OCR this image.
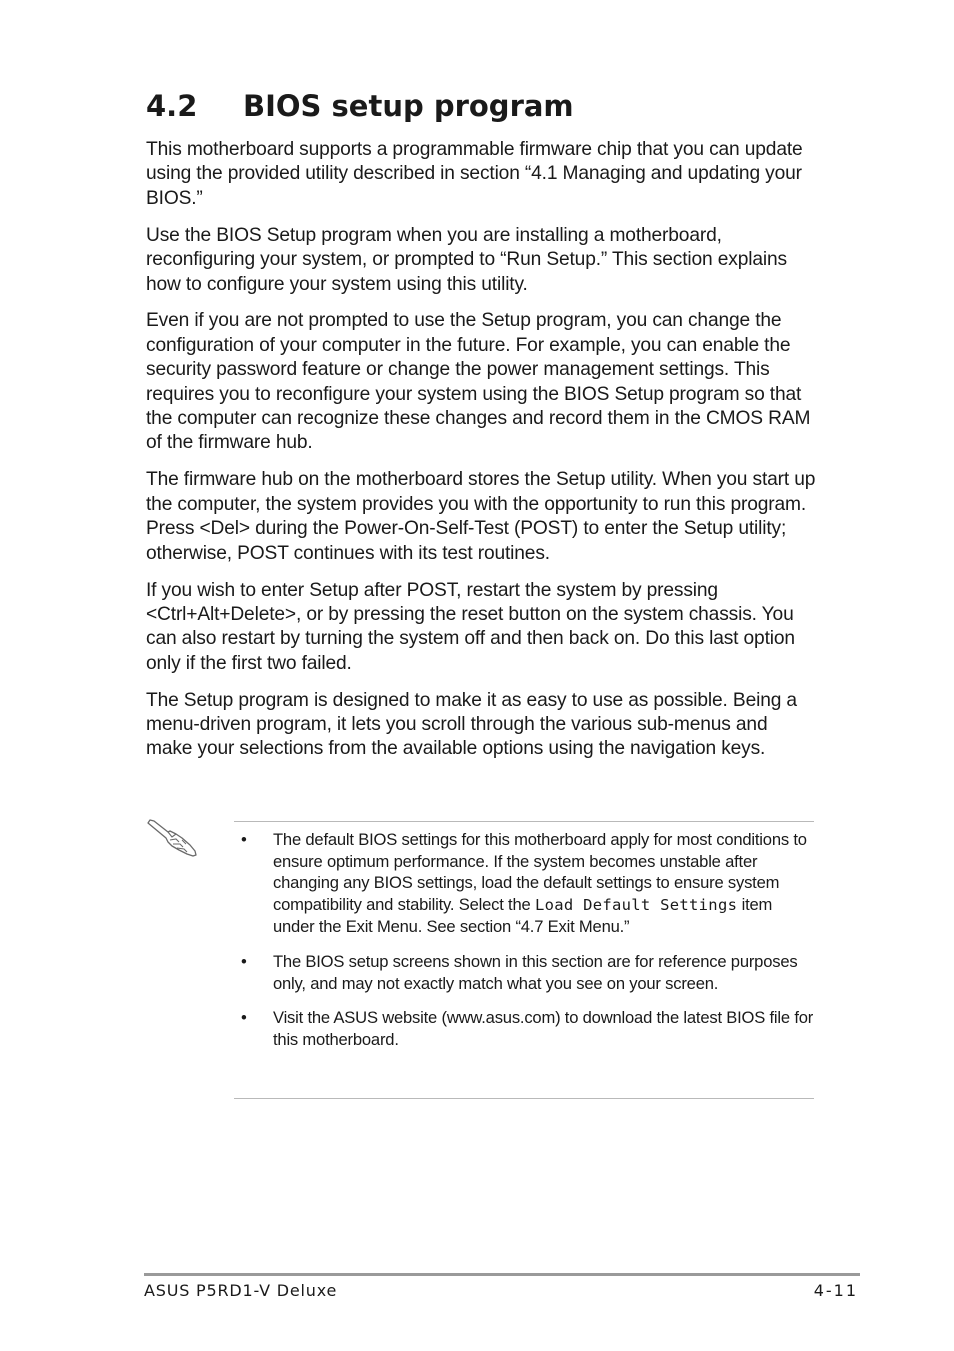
4.2 BIOS setup program

This motherboard supports a programmable firmware chip that you can update using the provided utility described in section “4.1 Managing and updating your BIOS.”

Use the BIOS Setup program when you are installing a motherboard, reconfiguring your system, or prompted to “Run Setup.” This section explains how to configure your system using this utility.

Even if you are not prompted to use the Setup program, you can change the configuration of your computer in the future. For example, you can enable the security password feature or change the power management settings. This requires you to reconfigure your system using the BIOS Setup program so that the computer can recognize these changes and record them in the CMOS RAM of the firmware hub.

The firmware hub on the motherboard stores the Setup utility. When you start up the computer, the system provides you with the opportunity to run this program. Press <Del> during the Power-On-Self-Test (POST) to enter the Setup utility; otherwise, POST continues with its test routines.

If you wish to enter Setup after POST, restart the system by pressing <Ctrl+Alt+Delete>, or by pressing the reset button on the system chassis. You can also restart by turning the system off and then back on. Do this last option only if the first two failed.

The Setup program is designed to make it as easy to use as possible. Being a menu-driven program, it lets you scroll through the various sub-menus and make your selections from the available options using the navigation keys.

• The default BIOS settings for this motherboard apply for most conditions to ensure optimum performance. If the system becomes unstable after changing any BIOS settings, load the default settings to ensure system compatibility and stability. Select the Load Default Settings item under the Exit Menu. See section “4.7 Exit Menu.”
• The BIOS setup screens shown in this section are for reference purposes only, and may not exactly match what you see on your screen.
• Visit the ASUS website (www.asus.com) to download the latest BIOS file for this motherboard.
ASUS P5RD1-V Deluxe	4-11
